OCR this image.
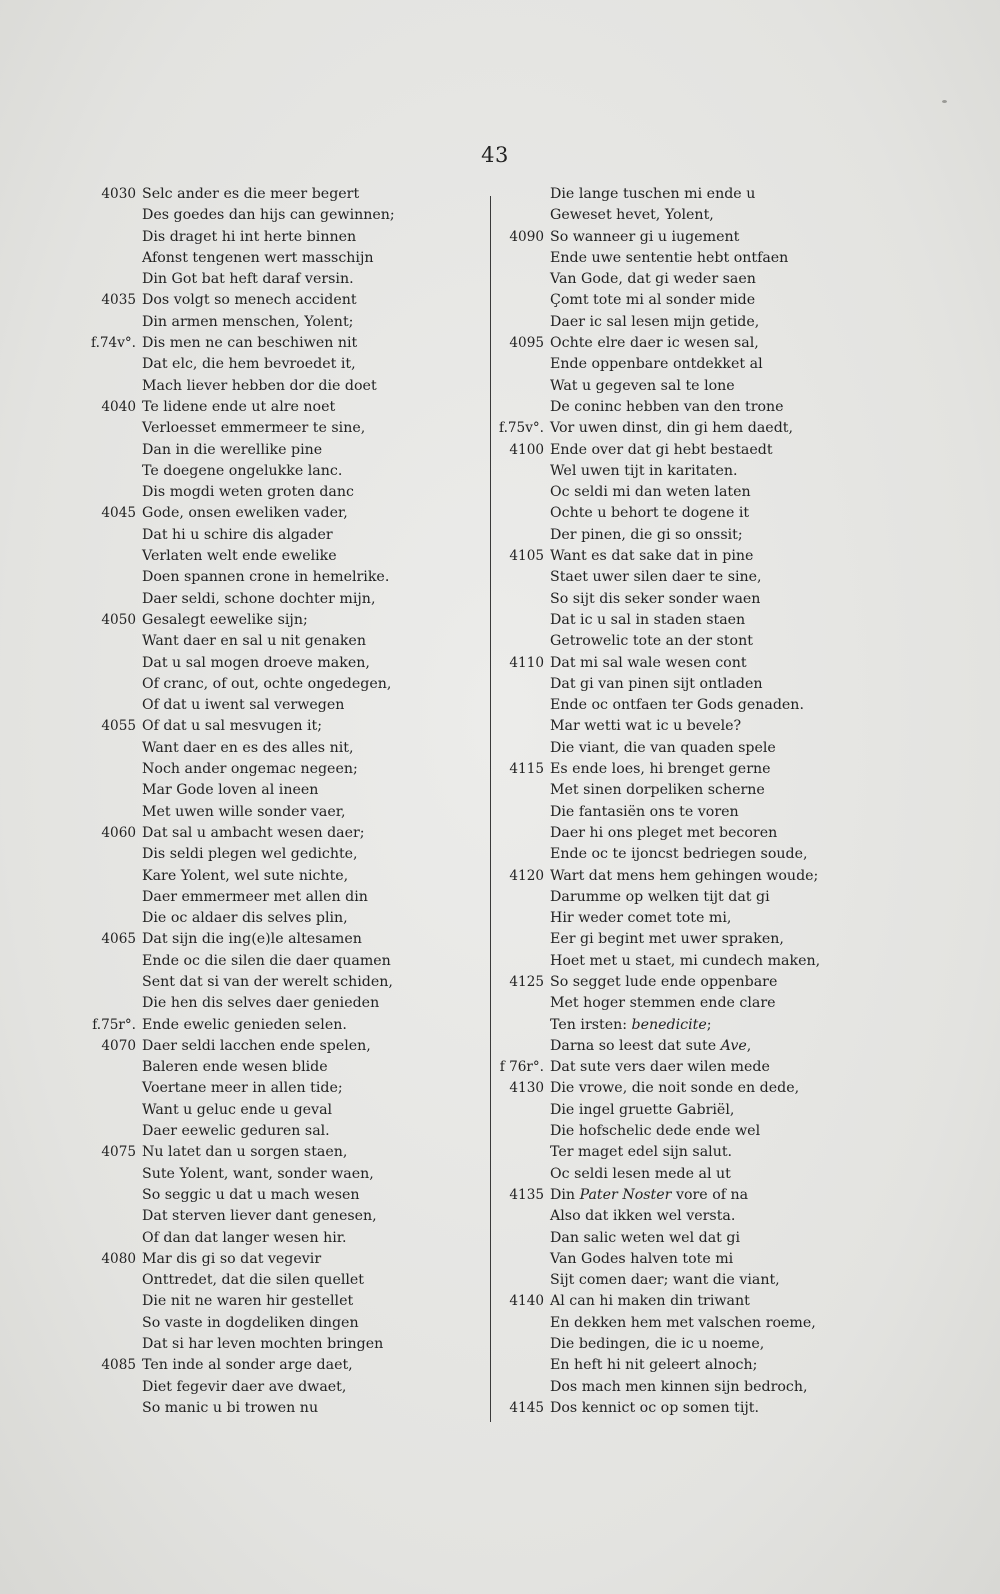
43
4030 Selc ander es die meer begert
Des goedes dan hijs can gewinnen;
Dis draget hi int herte binnen
Afonst tengenen wert masschijn
Din Got bat heft daraf versin.
4035 Dos volgt so menech accident
Din armen menschen, Yolent;
f.74v°. Dis men ne can beschiwen nit
Dat elc, die hem bevroedet it,
Mach liever hebben dor die doet
4040 Te lidene ende ut alre noet
Verloesset emmermeer te sine,
Dan in die werellike pine
Te doegene ongelukke lanc.
Dis mogdi weten groten danc
4045 Gode, onsen eweliken vader,
Dat hi u schire dis algader
Verlaten welt ende ewelike
Doen spannen crone in hemelrike.
Daer seldi, schone dochter mijn,
4050 Gesalegt eewelike sijn;
Want daer en sal u nit genaken
Dat u sal mogen droeve maken,
Of cranc, of out, ochte ongedegen,
Of dat u iwent sal verwegen
4055 Of dat u sal mesvugen it;
Want daer en es des alles nit,
Noch ander ongemac negeen;
Mar Gode loven al ineen
Met uwen wille sonder vaer,
4060 Dat sal u ambacht wesen daer;
Dis seldi plegen wel gedichte,
Kare Yolent, wel sute nichte,
Daer emmermeer met allen din
Die oc aldaer dis selves plin,
4065 Dat sijn die ing(e)le altesamen
Ende oc die silen die daer quamen
Sent dat si van der werelt schiden,
Die hen dis selves daer genieden
f.75r°. Ende ewelic genieden selen.
4070 Daer seldi lacchen ende spelen,
Baleren ende wesen blide
Voertane meer in allen tide;
Want u geluc ende u geval
Daer eewelic geduren sal.
4075 Nu latet dan u sorgen staen,
Sute Yolent, want, sonder waen,
So seggic u dat u mach wesen
Dat sterven liever dant genesen,
Of dan dat langer wesen hir.
4080 Mar dis gi so dat vegevir
Onttredet, dat die silen quellet
Die nit ne waren hir gestellet
So vaste in dogdeliken dingen
Dat si har leven mochten bringen
4085 Ten inde al sonder arge daet,
Diet fegevir daer ave dwaet,
So manic u bi trowen nu
Die lange tuschen mi ende u
Geweset hevet, Yolent,
4090 So wanneer gi u iugement
Ende uwe sententie hebt ontfaen
Van Gode, dat gi weder saen
Çomt tote mi al sonder mide
Daer ic sal lesen mijn getide,
4095 Ochte elre daer ic wesen sal,
Ende oppenbare ontdekket al
Wat u gegeven sal te lone
De coninc hebben van den trone
f.75v°. Vor uwen dinst, din gi hem daedt,
4100 Ende over dat gi hebt bestaedt
Wel uwen tijt in karitaten.
Oc seldi mi dan weten laten
Ochte u behort te dogene it
Der pinen, die gi so onssit;
4105 Want es dat sake dat in pine
Staet uwer silen daer te sine,
So sijt dis seker sonder waen
Dat ic u sal in staden staen
Getrowelic tote an der stont
4110 Dat mi sal wale wesen cont
Dat gi van pinen sijt ontladen
Ende oc ontfaen ter Gods genaden.
Mar wetti wat ic u bevele?
Die viant, die van quaden spele
4115 Es ende loes, hi brenget gerne
Met sinen dorpeliken scherne
Die fantasiën ons te voren
Daer hi ons pleget met becoren
Ende oc te ijoncst bedriegen soude,
4120 Wart dat mens hem gehingen woude;
Darumme op welken tijt dat gi
Hir weder comet tote mi,
Eer gi begint met uwer spraken,
Hoet met u staet, mi cundech maken,
4125 So segget lude ende oppenbare
Met hoger stemmen ende clare
Ten irsten: benedicite;
Darna so leest dat sute Ave,
f 76r°. Dat sute vers daer wilen mede
4130 Die vrowe, die noit sonde en dede,
Die ingel gruette Gabriël,
Die hofschelic dede ende wel
Ter maget edel sijn salut.
Oc seldi lesen mede al ut
4135 Din Pater Noster vore of na
Also dat ikken wel versta.
Dan salic weten wel dat gi
Van Godes halven tote mi
Sijt comen daer; want die viant,
4140 Al can hi maken din triwant
En dekken hem met valschen roeme,
Die bedingen, die ic u noeme,
En heft hi nit geleert alnoch;
Dos mach men kinnen sijn bedroch,
4145 Dos kennict oc op somen tijt.
